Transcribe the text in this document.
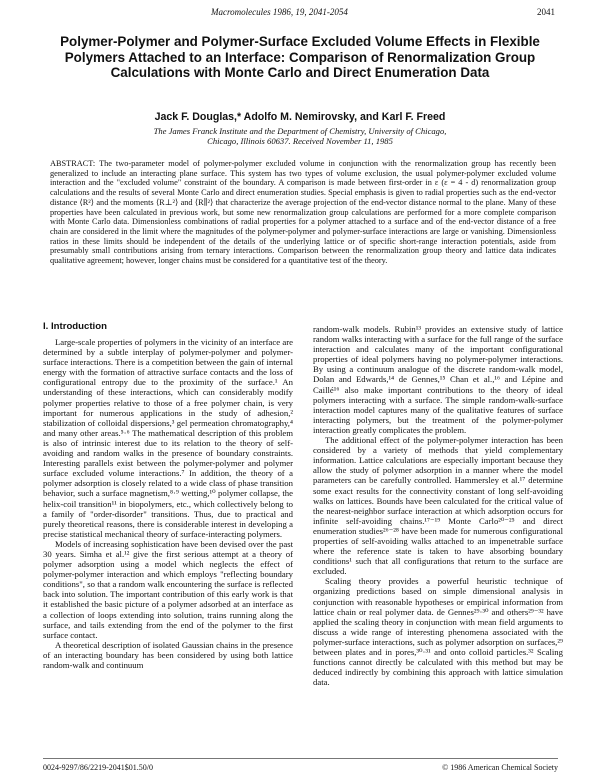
Macromolecules 1986, 19, 2041-2054	2041
Polymer-Polymer and Polymer-Surface Excluded Volume Effects in Flexible Polymers Attached to an Interface: Comparison of Renormalization Group Calculations with Monte Carlo and Direct Enumeration Data
Jack F. Douglas,* Adolfo M. Nemirovsky, and Karl F. Freed
The James Franck Institute and the Department of Chemistry, University of Chicago,
Chicago, Illinois 60637. Received November 11, 1985
ABSTRACT: The two-parameter model of polymer-polymer excluded volume in conjunction with the renormalization group has recently been generalized to include an interacting plane surface. This system has two types of volume exclusion, the usual polymer-polymer excluded volume interaction and the "excluded volume" constraint of the boundary. A comparison is made between first-order in ε (ε = 4 - d) renormalization group calculations and the results of several Monte Carlo and direct enumeration studies. Special emphasis is given to radial properties such as the end-vector distance ⟨R²⟩ and the moments ⟨R⊥²⟩ and ⟨R∥²⟩ that characterize the average projection of the end-vector distance normal to the plane. Many of these properties have been calculated in previous work, but some new renormalization group calculations are performed for a more complete comparison with Monte Carlo data. Dimensionless combinations of radial properties for a polymer attached to a surface and of the end-vector distance of a free chain are considered in the limit where the magnitudes of the polymer-polymer and polymer-surface interactions are large or vanishing. Dimensionless ratios in these limits should be independent of the details of the underlying lattice or of specific short-range interaction potentials, aside from presumably small contributions arising from ternary interactions. Comparison between the renormalization group theory and lattice data indicates qualitative agreement; however, longer chains must be considered for a quantitative test of the theory.
I. Introduction

Large-scale properties of polymers in the vicinity of an interface are determined by a subtle interplay of polymer-polymer and polymer-surface interactions. There is a competition between the gain of internal energy with the formation of attractive surface contacts and the loss of configurational entropy due to the proximity of the surface.¹ An understanding of these interactions, which can considerably modify polymer properties relative to those of a free polymer chain, is very important for numerous applications in the study of adhesion,² stabilization of colloidal dispersions,³ gel permeation chromatography,⁴ and many other areas.⁵·⁶ The mathematical description of this problem is also of intrinsic interest due to its relation to the theory of self-avoiding and random walks in the presence of boundary constraints. Interesting parallels exist between the polymer-polymer and polymer surface excluded volume interactions.⁷ In addition, the theory of a polymer adsorption is closely related to a wide class of phase transition behavior, such a surface magnetism,⁸·⁹ wetting,¹⁰ polymer collapse, the helix-coil transition¹¹ in biopolymers, etc., which collectively belong to a family of "order-disorder" transitions. Thus, due to practical and purely theoretical reasons, there is considerable interest in developing a precise statistical mechanical theory of surface-interacting polymers.

Models of increasing sophistication have been devised over the past 30 years. Simha et al.¹² give the first serious attempt at a theory of polymer adsorption using a model which neglects the effect of polymer-polymer interaction and which employs "reflecting boundary conditions", so that a random walk encountering the surface is reflected back into solution. The important contribution of this early work is that it established the basic picture of a polymer adsorbed at an interface as a collection of loops extending into solution, trains running along the surface, and tails extending from the end of the polymer to the first surface contact.

A theoretical description of isolated Gaussian chains in the presence of an interacting boundary has been considered by using both lattice random-walk and continuum

random-walk models. Rubin¹³ provides an extensive study of lattice random walks interacting with a surface for the full range of the surface interaction and calculates many of the important configurational properties of ideal polymers having no polymer-polymer interactions. By using a continuum analogue of the discrete random-walk model, Dolan and Edwards,¹⁴ de Gennes,¹⁵ Chan et al.,¹⁶ and Lépine and Caillé¹⁶ also make important contributions to the theory of ideal polymers interacting with a surface. The simple random-walk-surface interaction model captures many of the qualitative features of surface interacting polymers, but the treatment of the polymer-polymer interaction greatly complicates the problem.

The additional effect of the polymer-polymer interaction has been considered by a variety of methods that yield complementary information. Lattice calculations are especially important because they allow the study of polymer adsorption in a manner where the model parameters can be carefully controlled. Hammersley et al.¹⁷ determine some exact results for the connectivity constant of long self-avoiding walks on lattices. Bounds have been calculated for the critical value of the nearest-neighbor surface interaction at which adsorption occurs for infinite self-avoiding chains.¹⁷⁻¹⁹ Monte Carlo²⁰⁻²⁵ and direct enumeration studies²⁶⁻²⁸ have been made for numerous configurational properties of self-avoiding walks attached to an impenetrable surface where the reference state is taken to have absorbing boundary conditions¹ such that all configurations that return to the surface are excluded.

Scaling theory provides a powerful heuristic technique of organizing predictions based on simple dimensional analysis in conjunction with reasonable hypotheses or empirical information from lattice chain or real polymer data. de Gennes²⁹·³⁰ and others²⁹⁻³² have applied the scaling theory in conjunction with mean field arguments to discuss a wide range of interesting phenomena associated with the polymer-surface interactions, such as polymer adsorption on surfaces,²⁹ between plates and in pores,³⁰·³¹ and onto colloid particles.³² Scaling functions cannot directly be calculated with this method but may be deduced indirectly by combining this approach with lattice simulation data.

0024-9297/86/2219-2041$01.50/0	© 1986 American Chemical Society
